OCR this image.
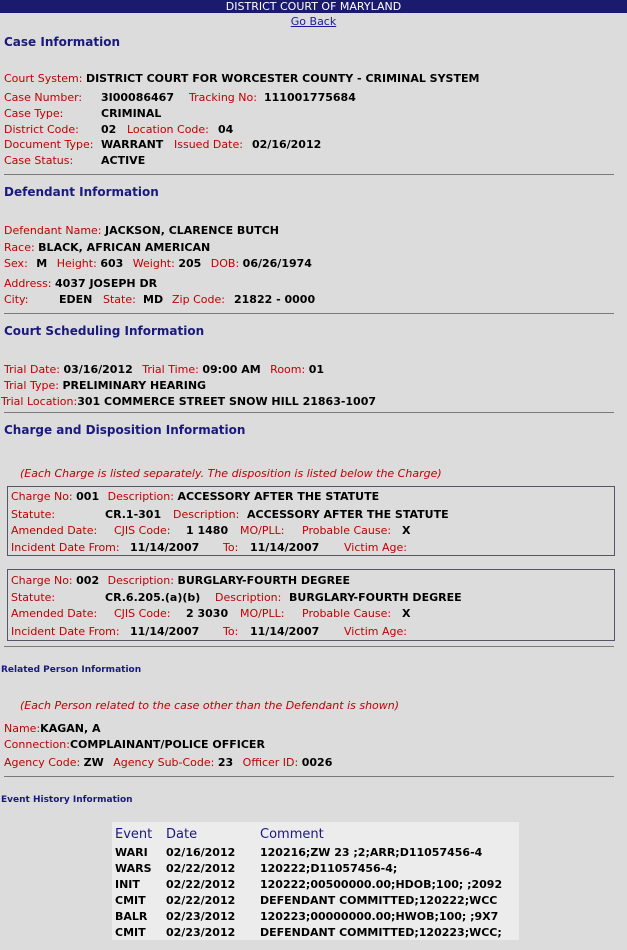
DISTRICT COURT OF MARYLAND
Go Back
Case Information
Court System: DISTRICT COURT FOR WORCESTER COUNTY - CRIMINAL SYSTEM
Case Number: 3I00086467 Tracking No: 111001775684
Case Type:	CRIMINAL
District Code: 02 Location Code: 04
Document Type: WARRANT Issued Date: 02/16/2012
Case Status:	ACTIVE
Defendant Information
Defendant Name: JACKSON, CLARENCE BUTCH
Race: BLACK, AFRICAN AMERICAN
Sex: M Height: 603 Weight: 205 DOB: 06/26/1974
Address: 4037 JOSEPH DR
City:	EDEN State: MD Zip Code: 21822 - 0000
Court Scheduling Information
Trial Date: 03/16/2012 Trial Time: 09:00 AM Room: 01
Trial Type: PRELIMINARY HEARING
Trial Location:301 COMMERCE STREET SNOW HILL 21863-1007
Charge and Disposition Information
(Each Charge is listed separately. The disposition is listed below the Charge)
Charge No: 001 Description: ACCESSORY AFTER THE STATUTE
Statute:	CR.1-301 Description: ACCESSORY AFTER THE STATUTE
Amended Date: CJIS Code: 1 1480 MO/PLL: Probable Cause: X
Incident Date From: 11/14/2007 To: 11/14/2007 Victim Age:
Charge No: 002 Description: BURGLARY-FOURTH DEGREE
Statute:	CR.6.205.(a)(b) Description: BURGLARY-FOURTH DEGREE
Amended Date: CJIS Code: 2 3030 MO/PLL: Probable Cause: X
Incident Date From: 11/14/2007 To: 11/14/2007 Victim Age:
Related Person Information
(Each Person related to the case other than the Defendant is shown)
Name:KAGAN, A
Connection:COMPLAINANT/POLICE OFFICER
Agency Code: ZW Agency Sub-Code: 23 Officer ID: 0026
Event History Information
Event Date	Comment
WARI 02/16/2012 120216;ZW 23 ;2;ARR;D11057456-4
WARS 02/22/2012 120222;D11057456-4;
INIT 02/22/2012 120222;00500000.00;HDOB;100; ;2092
CMIT 02/22/2012 DEFENDANT COMMITTED;120222;WCC
BALR 02/23/2012 120223;00000000.00;HWOB;100; ;9X7
CMIT 02/23/2012 DEFENDANT COMMITTED;120223;WCC;
